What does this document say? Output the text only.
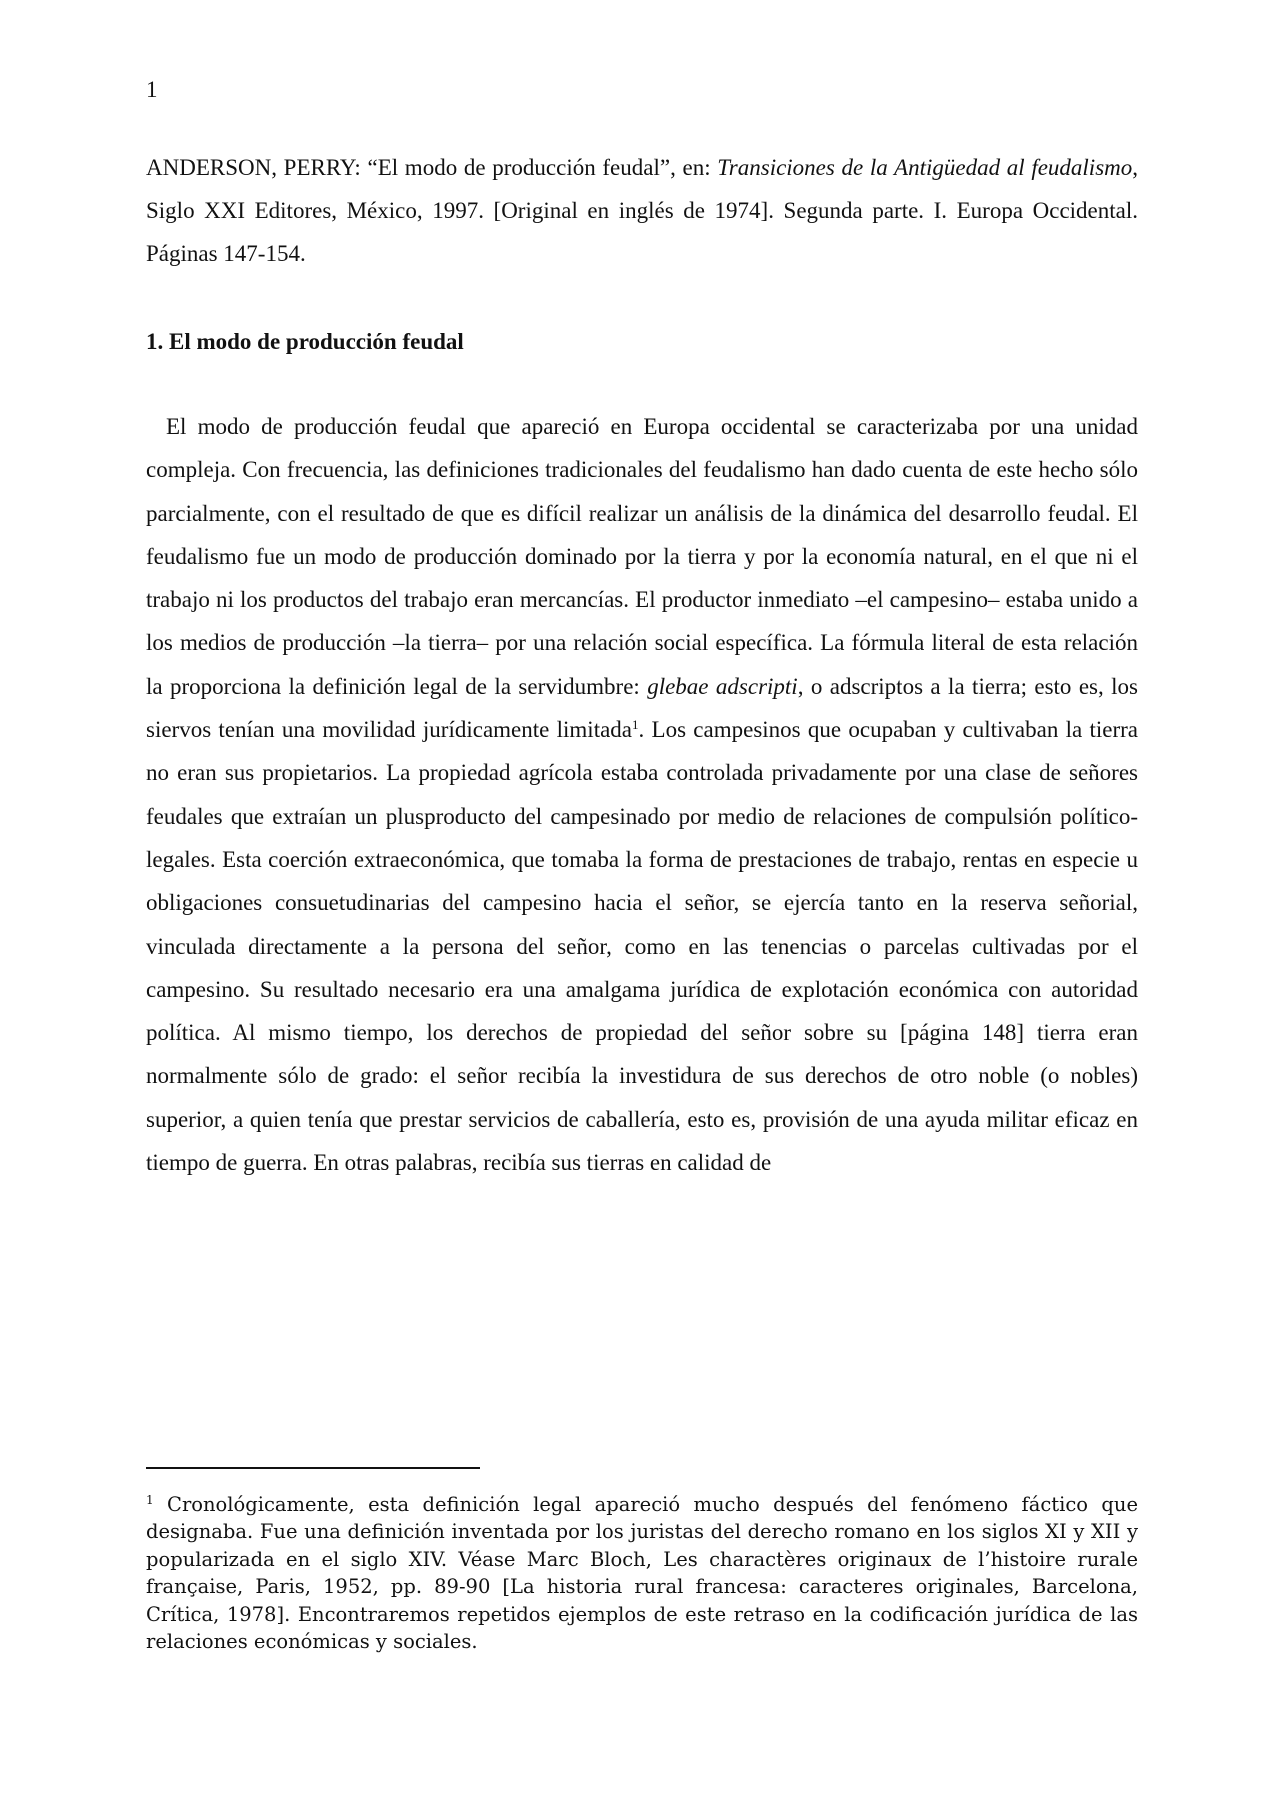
1

ANDERSON, PERRY: “El modo de producción feudal”, en: Transiciones de la Antigüedad al feudalismo, Siglo XXI Editores, México, 1997. [Original en inglés de 1974]. Segunda parte. I. Europa Occidental. Páginas 147-154.

1. El modo de producción feudal

El modo de producción feudal que apareció en Europa occidental se caracterizaba por una unidad compleja. Con frecuencia, las definiciones tradicionales del feudalismo han dado cuenta de este hecho sólo parcialmente, con el resultado de que es difícil realizar un análisis de la dinámica del desarrollo feudal. El feudalismo fue un modo de producción dominado por la tierra y por la economía natural, en el que ni el trabajo ni los productos del trabajo eran mercancías. El productor inmediato –el campesino– estaba unido a los medios de producción –la tierra– por una relación social específica. La fórmula literal de esta relación la proporciona la definición legal de la servidumbre: glebae adscripti, o adscriptos a la tierra; esto es, los siervos tenían una movilidad jurídicamente limitada$^1$. Los campesinos que ocupaban y cultivaban la tierra no eran sus propietarios. La propiedad agrícola estaba controlada privadamente por una clase de señores feudales que extraían un plusproducto del campesinado por medio de relaciones de compulsión político-legales. Esta coerción extraeconómica, que tomaba la forma de prestaciones de trabajo, rentas en especie u obligaciones consuetudinarias del campesino hacia el señor, se ejercía tanto en la reserva señorial, vinculada directamente a la persona del señor, como en las tenencias o parcelas cultivadas por el campesino. Su resultado necesario era una amalgama jurídica de explotación económica con autoridad política. Al mismo tiempo, los derechos de propiedad del señor sobre su [página 148] tierra eran normalmente sólo de grado: el señor recibía la investidura de sus derechos de otro noble (o nobles) superior, a quien tenía que prestar servicios de caballería, esto es, provisión de una ayuda militar eficaz en tiempo de guerra. En otras palabras, recibía sus tierras en calidad de

$^1$ Cronológicamente, esta definición legal apareció mucho después del fenómeno fáctico que designaba. Fue una definición inventada por los juristas del derecho romano en los siglos XI y XII y popularizada en el siglo XIV. Véase Marc Bloch, Les charactères originaux de l’histoire rurale française, Paris, 1952, pp. 89-90 [La historia rural francesa: caracteres originales, Barcelona, Crítica, 1978]. Encontraremos repetidos ejemplos de este retraso en la codificación jurídica de las relaciones económicas y sociales.
